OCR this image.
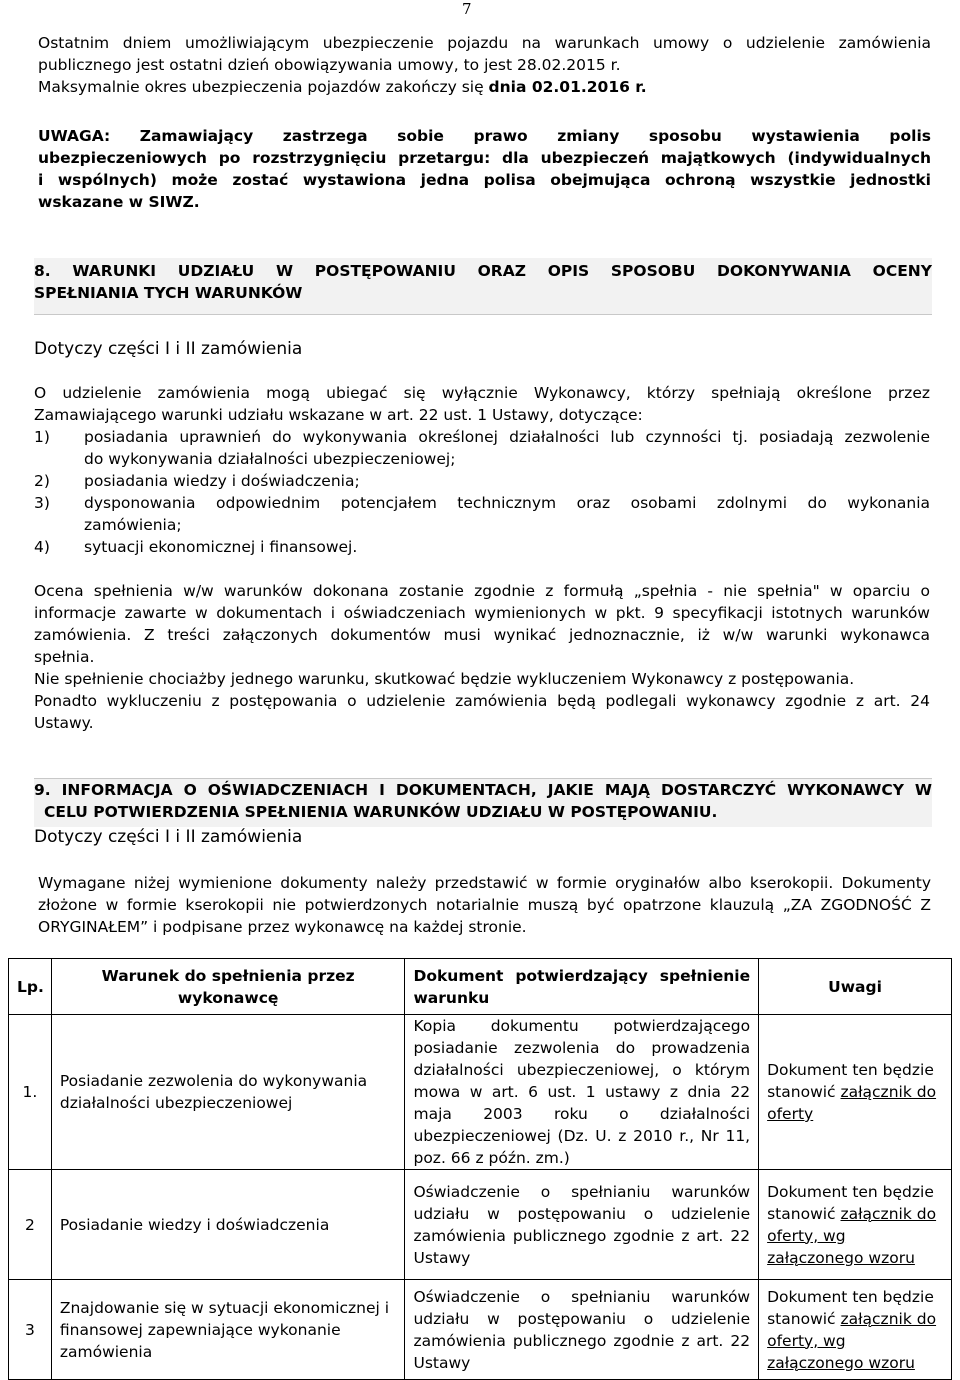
7
Ostatnim dniem umożliwiającym ubezpieczenie pojazdu na warunkach umowy o udzielenie zamówienia
publicznego jest ostatni dzień obowiązywania umowy, to jest 28.02.2015 r.
Maksymalnie okres ubezpieczenia pojazdów zakończy się dnia 02.01.2016 r.
UWAGA: Zamawiający zastrzega sobie prawo zmiany sposobu wystawienia polis
ubezpieczeniowych po rozstrzygnięciu przetargu: dla ubezpieczeń majątkowych (indywidualnych
i wspólnych) może zostać wystawiona jedna polisa obejmująca ochroną wszystkie jednostki
wskazane w SIWZ.
8. WARUNKI UDZIAŁU W POSTĘPOWANIU ORAZ OPIS SPOSOBU DOKONYWANIA OCENY
SPEŁNIANIA TYCH WARUNKÓW
Dotyczy części I i II zamówienia
O udzielenie zamówienia mogą ubiegać się wyłącznie Wykonawcy, którzy spełniają określone przez
Zamawiającego warunki udziału wskazane w art. 22 ust. 1 Ustawy, dotyczące:
1) posiadania uprawnień do wykonywania określonej działalności lub czynności tj. posiadają zezwolenie
do wykonywania działalności ubezpieczeniowej;
2) posiadania wiedzy i doświadczenia;
3) dysponowania odpowiednim potencjałem technicznym oraz osobami zdolnymi do wykonania
zamówienia;
4) sytuacji ekonomicznej i finansowej.
Ocena spełnienia w/w warunków dokonana zostanie zgodnie z formułą „spełnia - nie spełnia" w oparciu o
informacje zawarte w dokumentach i oświadczeniach wymienionych w pkt. 9 specyfikacji istotnych warunków
zamówienia. Z treści załączonych dokumentów musi wynikać jednoznacznie, iż w/w warunki wykonawca
spełnia.
Nie spełnienie chociażby jednego warunku, skutkować będzie wykluczeniem Wykonawcy z postępowania.
Ponadto wykluczeniu z postępowania o udzielenie zamówienia będą podlegali wykonawcy zgodnie z art. 24
Ustawy.
9. INFORMACJA O OŚWIADCZENIACH I DOKUMENTACH, JAKIE MAJĄ DOSTARCZYĆ WYKONAWCY W
CELU POTWIERDZENIA SPEŁNIENIA WARUNKÓW UDZIAŁU W POSTĘPOWANIU.
Dotyczy części I i II zamówienia
Wymagane niżej wymienione dokumenty należy przedstawić w formie oryginałów albo kserokopii. Dokumenty
złożone w formie kserokopii nie potwierdzonych notarialnie muszą być opatrzone klauzulą „ZA ZGODNOŚĆ Z
ORYGINAŁEM” i podpisane przez wykonawcę na każdej stronie.
Lp.	Warunek do spełnienia przez wykonawcę	Dokument potwierdzający spełnienie warunku	Uwagi
1.	Posiadanie zezwolenia do wykonywania działalności ubezpieczeniowej	Kopia dokumentu potwierdzającego posiadanie zezwolenia do prowadzenia działalności ubezpieczeniowej, o którym mowa w art. 6 ust. 1 ustawy z dnia 22 maja 2003 roku o działalności ubezpieczeniowej (Dz. U. z 2010 r., Nr 11, poz. 66 z późn. zm.)	Dokument ten będzie stanowić załącznik do oferty
2	Posiadanie wiedzy i doświadczenia	Oświadczenie o spełnianiu warunków udziału w postępowaniu o udzielenie zamówienia publicznego zgodnie z art. 22 Ustawy	Dokument ten będzie stanowić załącznik do oferty, wg załączonego wzoru
3	Znajdowanie się w sytuacji ekonomicznej i finansowej zapewniające wykonanie zamówienia	Oświadczenie o spełnianiu warunków udziału w postępowaniu o udzielenie zamówienia publicznego zgodnie z art. 22 Ustawy	Dokument ten będzie stanowić załącznik do oferty, wg załączonego wzoru
